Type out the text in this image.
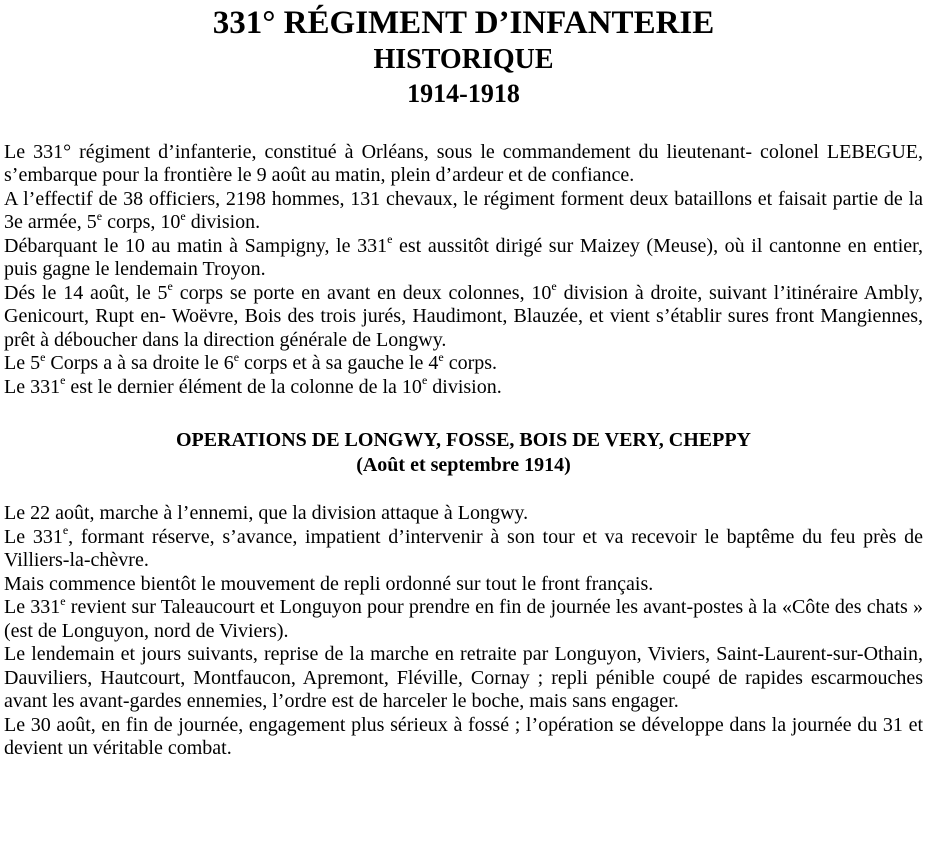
331° RÉGIMENT D’INFANTERIE
HISTORIQUE
1914-1918

Le 331° régiment d’infanterie, constitué à Orléans, sous le commandement du lieutenant- colonel LEBEGUE, s’embarque pour la frontière le 9 août au matin, plein d’ardeur et de confiance.

A l’effectif de 38 officiers, 2198 hommes, 131 chevaux, le régiment forment deux bataillons et faisait partie de la 3e armée, 5e corps, 10e division.

Débarquant le 10 au matin à Sampigny, le 331e est aussitôt dirigé sur Maizey (Meuse), où il cantonne en entier, puis gagne le lendemain Troyon.

Dés le 14 août, le 5e corps se porte en avant en deux colonnes, 10e division à droite, suivant l’itinéraire Ambly, Genicourt, Rupt en- Woëvre, Bois des trois jurés, Haudimont, Blauzée, et vient s’établir sures front Mangiennes, prêt à déboucher dans la direction générale de Longwy.

Le 5e Corps a à sa droite le 6e corps et à sa gauche le 4e corps.

Le 331e est le dernier élément de la colonne de la 10e division.

OPERATIONS DE LONGWY, FOSSE, BOIS DE VERY, CHEPPY
(Août et septembre 1914)

Le 22 août, marche à l’ennemi, que la division attaque à Longwy.

Le 331e, formant réserve, s’avance, impatient d’intervenir à son tour et va recevoir le baptême du feu près de Villiers-la-chèvre.

Mais commence bientôt le mouvement de repli ordonné sur tout le front français.

Le 331e revient sur Taleaucourt et Longuyon pour prendre en fin de journée les avant-postes à la «Côte des chats » (est de Longuyon, nord de Viviers).

Le lendemain et jours suivants, reprise de la marche en retraite par Longuyon, Viviers, Saint-Laurent-sur-Othain, Dauviliers, Hautcourt, Montfaucon, Apremont, Fléville, Cornay ; repli pénible coupé de rapides escarmouches avant les avant-gardes ennemies, l’ordre est de harceler le boche, mais sans engager.

Le 30 août, en fin de journée, engagement plus sérieux à fossé ; l’opération se développe dans la journée du 31 et devient un véritable combat.
